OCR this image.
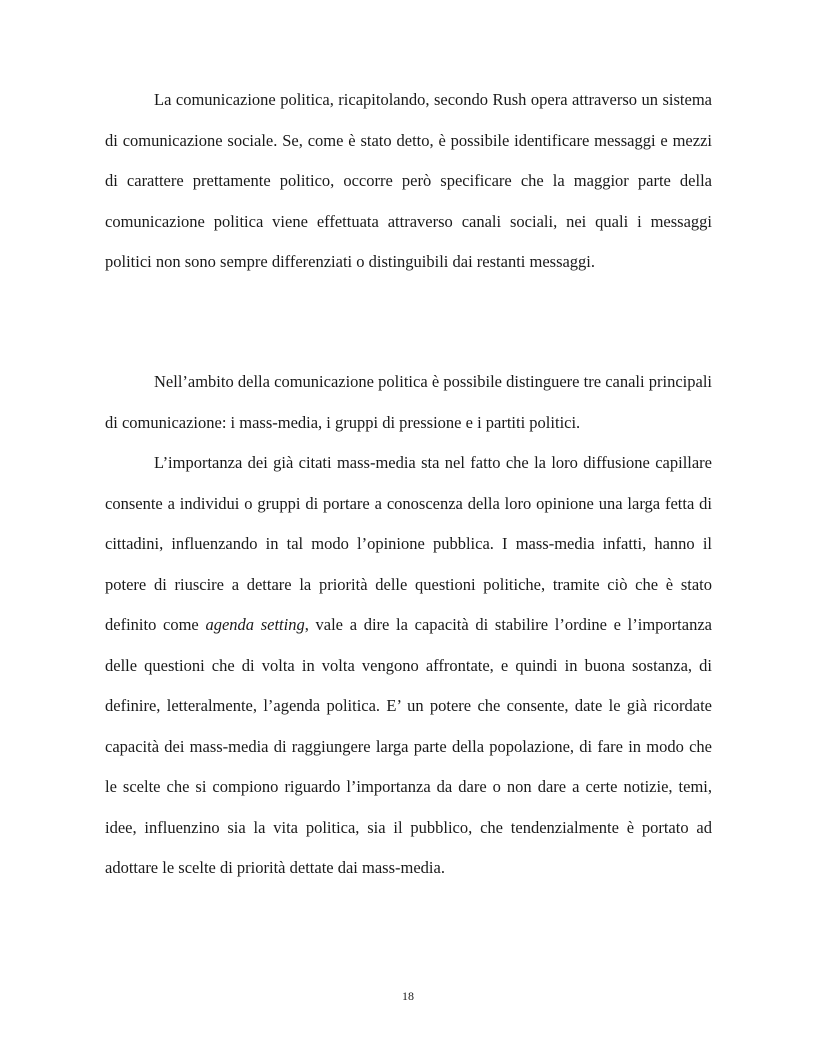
La comunicazione politica, ricapitolando, secondo Rush opera attraverso un sistema di comunicazione sociale. Se, come è stato detto, è possibile identificare messaggi e mezzi di carattere prettamente politico, occorre però specificare che la maggior parte della comunicazione politica viene effettuata attraverso canali sociali, nei quali i messaggi politici non sono sempre differenziati o distinguibili dai restanti messaggi.

Nell’ambito della comunicazione politica è possibile distinguere tre canali principali di comunicazione: i mass-media, i gruppi di pressione e i partiti politici.

L’importanza dei già citati mass-media sta nel fatto che la loro diffusione capillare consente a individui o gruppi di portare a conoscenza della loro opinione una larga fetta di cittadini, influenzando in tal modo l’opinione pubblica. I mass-media infatti, hanno il potere di riuscire a dettare la priorità delle questioni politiche, tramite ciò che è stato definito come agenda setting, vale a dire la capacità di stabilire l’ordine e l’importanza delle questioni che di volta in volta vengono affrontate, e quindi in buona sostanza, di definire, letteralmente, l’agenda politica. E’ un potere che consente, date le già ricordate capacità dei mass-media di raggiungere larga parte della popolazione, di fare in modo che le scelte che si compiono riguardo l’importanza da dare o non dare a certe notizie, temi, idee, influenzino sia la vita politica, sia il pubblico, che tendenzialmente è portato ad adottare le scelte di priorità dettate dai mass-media.

18
